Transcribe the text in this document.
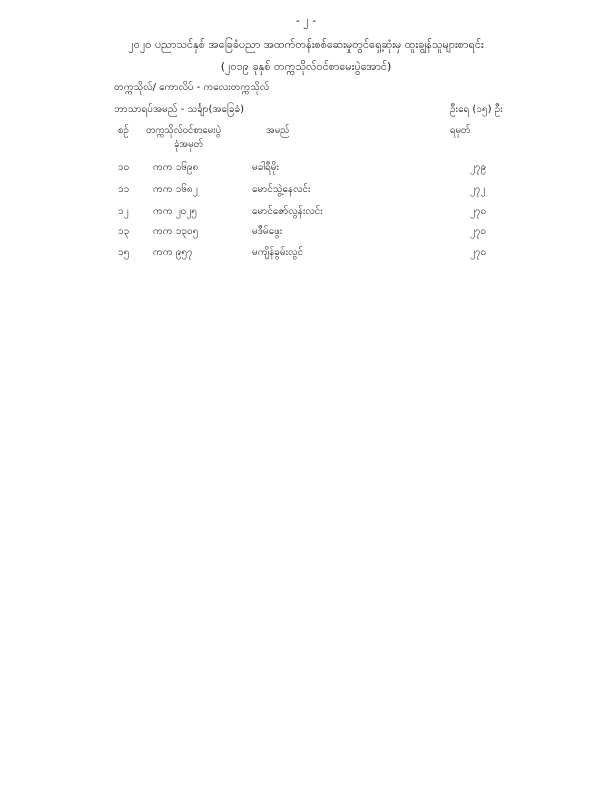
- ၂ -
၂၀၂၀ ပညာသင်နှစ် အခြေခံပညာ အထက်တန်းစစ်ဆေးမှုတွင်ရှေ့ဆုံးမှ ထူးချွန်သူများစာရင်း
(၂၀၁၉ ခုနှစ် တက္ကသိုလ်ဝင်စာမေးပွဲအောင်)
တက္ကသိုလ်/ ကောလိပ် - ကလေးတက္ကသိုလ်
ဘာသာရပ်အမည် - သင်္ချာ(အခြေခံ)	ဦးရေ (၁၅) ဦး
စဉ် တက္ကသိုလ်ဝင်စာမေးပွဲ
ခုံအမှတ်
အမည်	ရမှတ်
၁၀ ကက ၁၆၉၈	မခါရီမိုး	၂၇၉
၁၁ ကက ၁၆၈၂	မောင်သွဲ့နေလင်း	၂၇၂
၁၂ ကက ၂၀၂၅	မောင်ဇော်လွန်းလင်း	၂၇၀
၁၃ ကက ၁၃၀၅	မဒီမ်ဖွေး	၂၇၀
၁၅ ကက ၉၅၇	မကျိန်ခွမ်းလွင်	၂၇၀
